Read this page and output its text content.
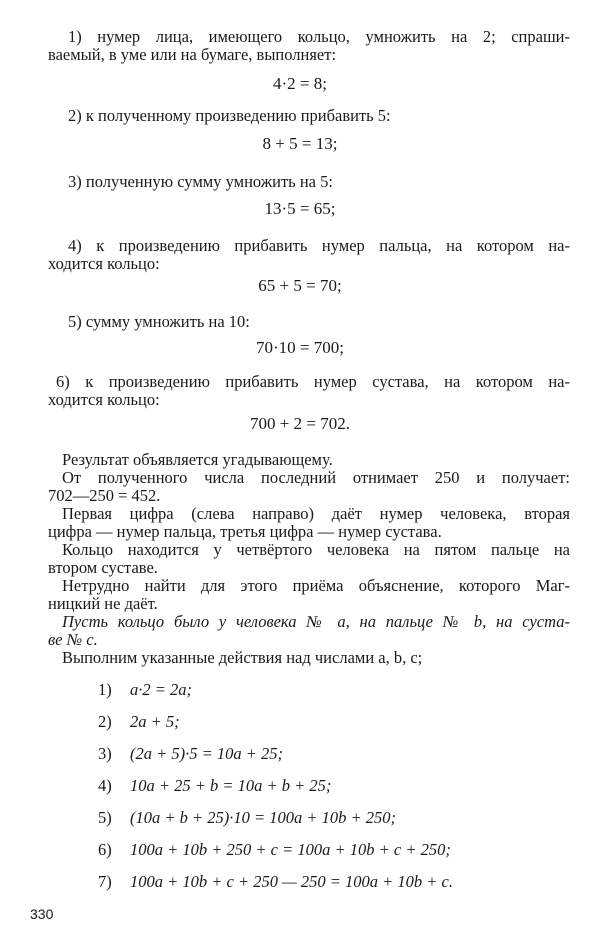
1) нумер лица, имеющего кольцо, умножить на 2; спраши-
ваемый, в уме или на бумаге, выполняет:
4·2 = 8;
2) к полученному произведению прибавить 5:
8 + 5 = 13;
3) полученную сумму умножить на 5:
13·5 = 65;
4) к произведению прибавить нумер пальца, на котором на-
ходится кольцо:
65 + 5 = 70;
5) сумму умножить на 10:
70·10 = 700;
6) к произведению прибавить нумер сустава, на котором на-
ходится кольцо:
700 + 2 = 702.
Результат объявляется угадывающему.
От полученного числа последний отнимает 250 и получает:
702—250 = 452.
Первая цифра (слева направо) даёт нумер человека, вторая
цифра — нумер пальца, третья цифра — нумер сустава.
Кольцо находится у четвёртого человека на пятом пальце на
втором суставе.
Нетрудно найти для этого приёма объяснение, которого Маг-
ницкий не даёт.
Пусть кольцо было у человека № a, на пальце № b, на суста-
ве № c.
Выполним указанные действия над числами a, b, c;
1) a·2 = 2a;
2) 2a + 5;
3) (2a + 5)·5 = 10a + 25;
4) 10a + 25 + b = 10a + b + 25;
5) (10a + b + 25)·10 = 100a + 10b + 250;
6) 100a + 10b + 250 + c = 100a + 10b + c + 250;
7) 100a + 10b + c + 250 — 250 = 100a + 10b + c.
330
